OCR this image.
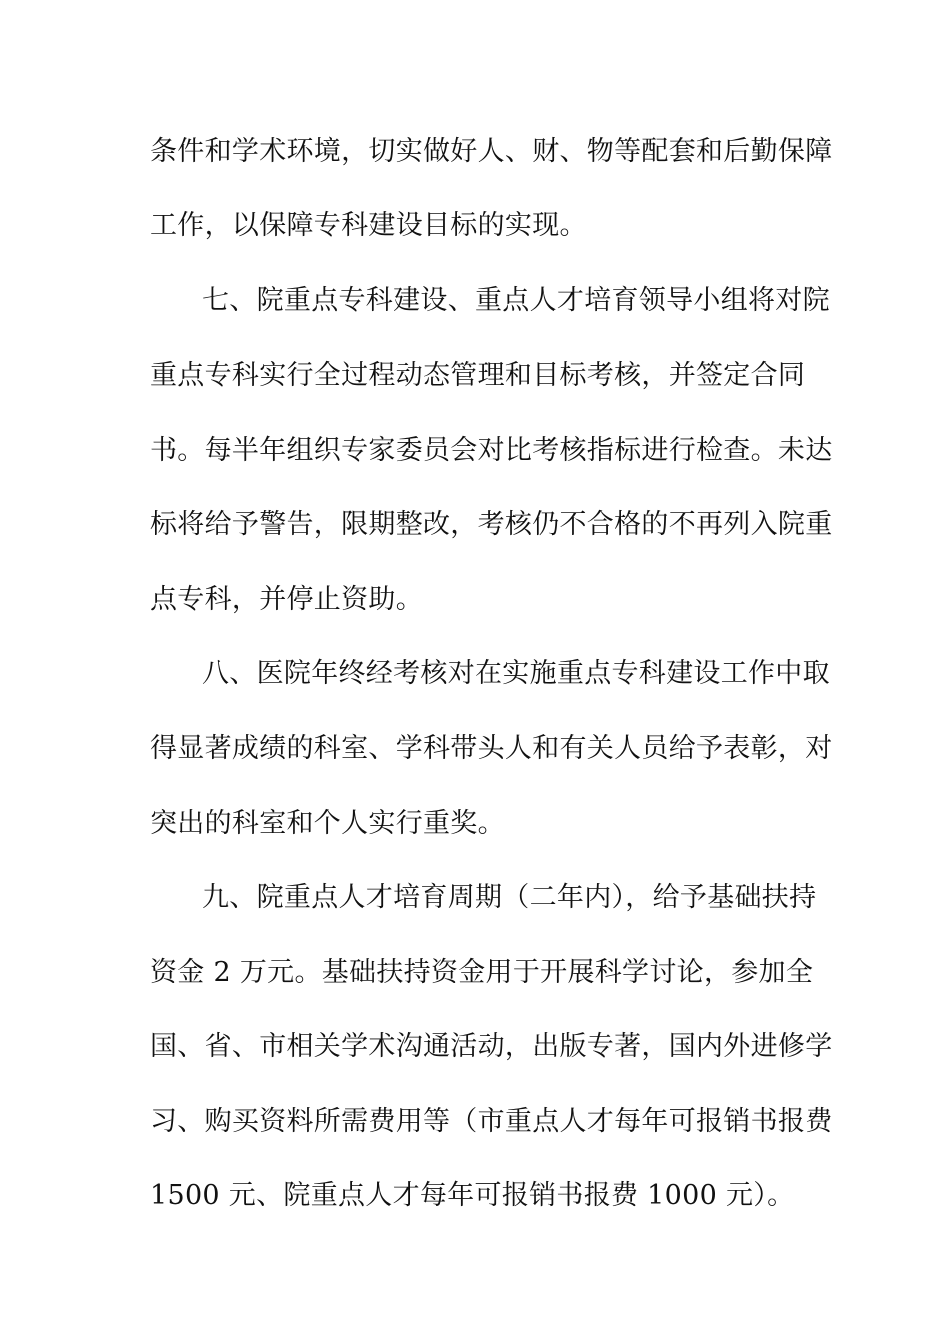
条件和学术环境，切实做好人、财、物等配套和后勤保障
工作，以保障专科建设目标的实现。
七、院重点专科建设、重点人才培育领导小组将对院
重点专科实行全过程动态管理和目标考核，并签定合同
书。每半年组织专家委员会对比考核指标进行检查。未达
标将给予警告，限期整改，考核仍不合格的不再列入院重
点专科，并停止资助。
八、医院年终经考核对在实施重点专科建设工作中取
得显著成绩的科室、学科带头人和有关人员给予表彰，对
突出的科室和个人实行重奖。
九、院重点人才培育周期（二年内），给予基础扶持
资金 2 万元。基础扶持资金用于开展科学讨论，参加全
国、省、市相关学术沟通活动，出版专著，国内外进修学
习、购买资料所需费用等（市重点人才每年可报销书报费
1500 元、院重点人才每年可报销书报费 1000 元）。
